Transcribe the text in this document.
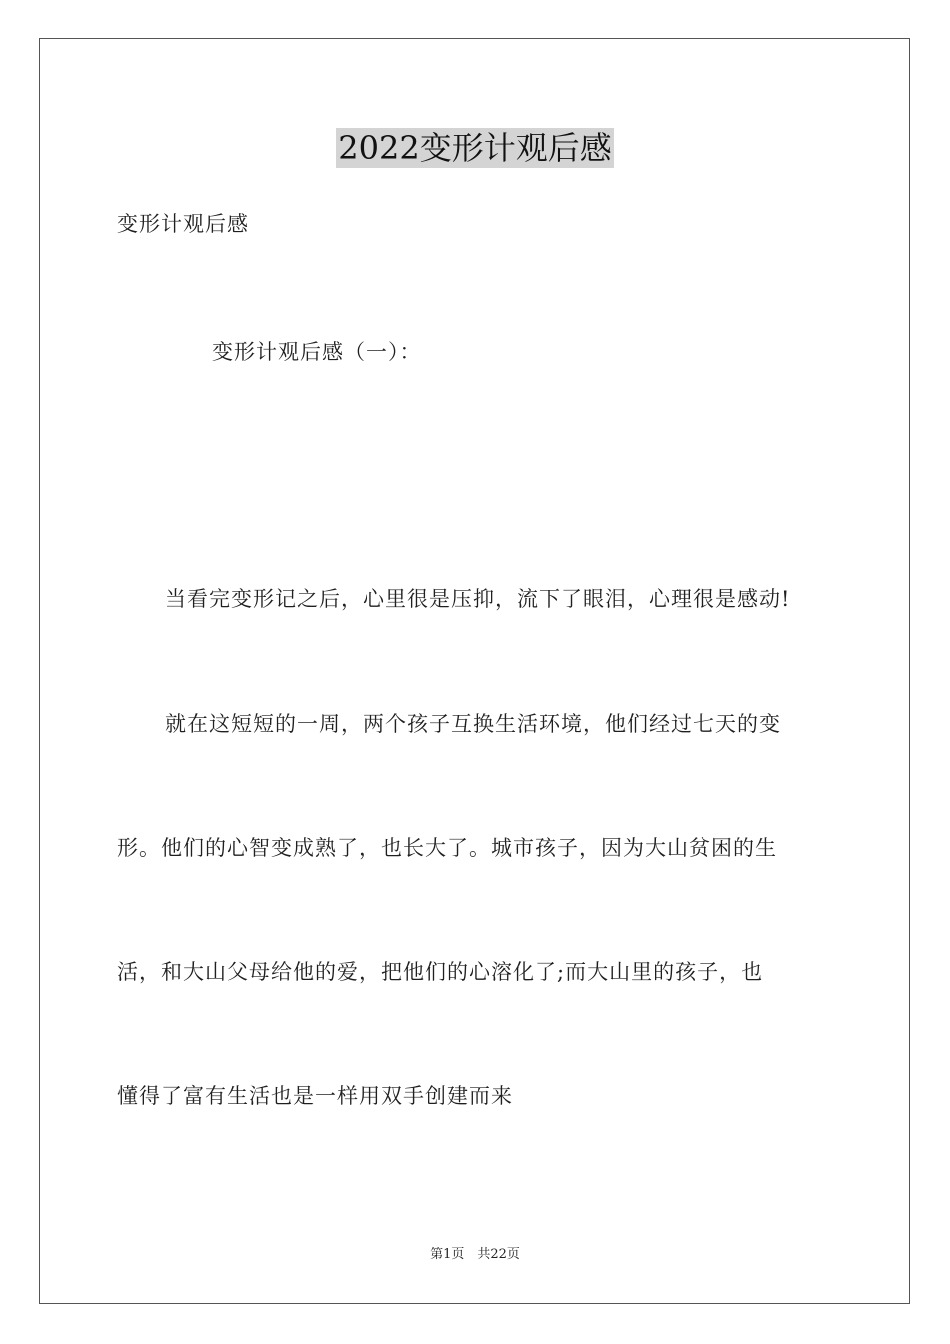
2022变形计观后感
变形计观后感
变形计观后感（一）：
当看完变形记之后，心里很是压抑，流下了眼泪，心理很是感动!
就在这短短的一周，两个孩子互换生活环境，他们经过七天的变
形。他们的心智变成熟了，也长大了。城市孩子，因为大山贫困的生
活，和大山父母给他的爱，把他们的心溶化了;而大山里的孩子，也
懂得了富有生活也是一样用双手创建而来
第1页　共22页
